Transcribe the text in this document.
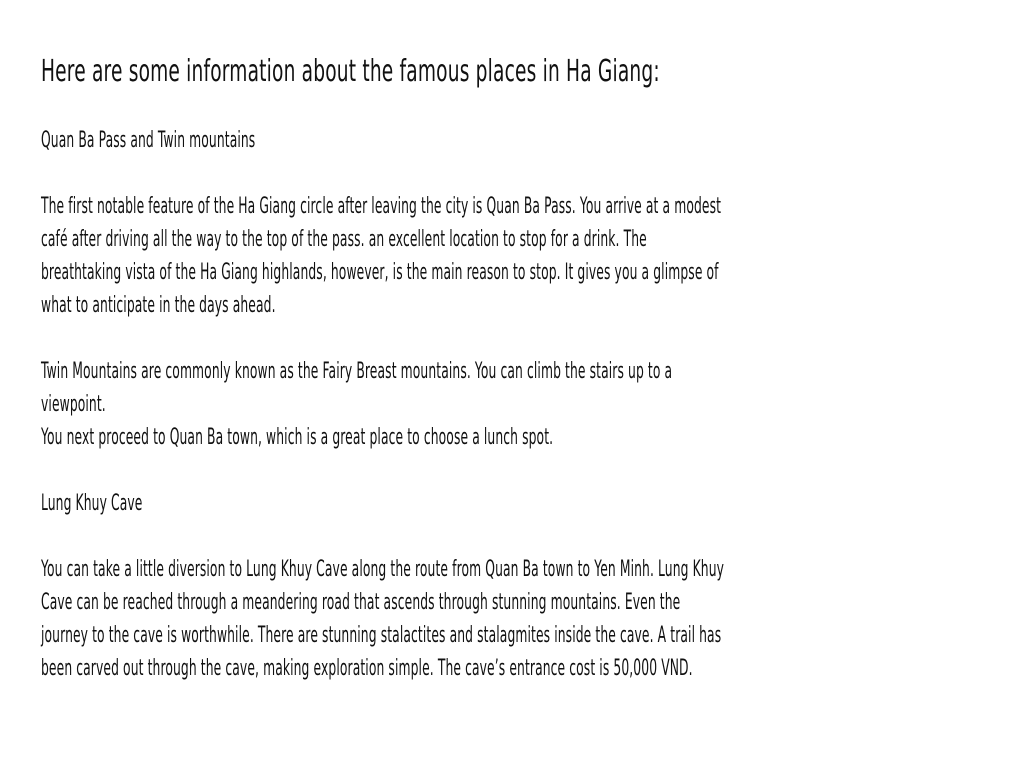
Here are some information about the famous places in Ha Giang:
Quan Ba Pass and Twin mountains
The first notable feature of the Ha Giang circle after leaving the city is Quan Ba Pass. You arrive at a modest
café after driving all the way to the top of the pass. an excellent location to stop for a drink. The
breathtaking vista of the Ha Giang highlands, however, is the main reason to stop. It gives you a glimpse of
what to anticipate in the days ahead.
Twin Mountains are commonly known as the Fairy Breast mountains. You can climb the stairs up to a
viewpoint.
You next proceed to Quan Ba town, which is a great place to choose a lunch spot.
Lung Khuy Cave
You can take a little diversion to Lung Khuy Cave along the route from Quan Ba town to Yen Minh. Lung Khuy
Cave can be reached through a meandering road that ascends through stunning mountains. Even the
journey to the cave is worthwhile. There are stunning stalactites and stalagmites inside the cave. A trail has
been carved out through the cave, making exploration simple. The cave’s entrance cost is 50,000 VND.
